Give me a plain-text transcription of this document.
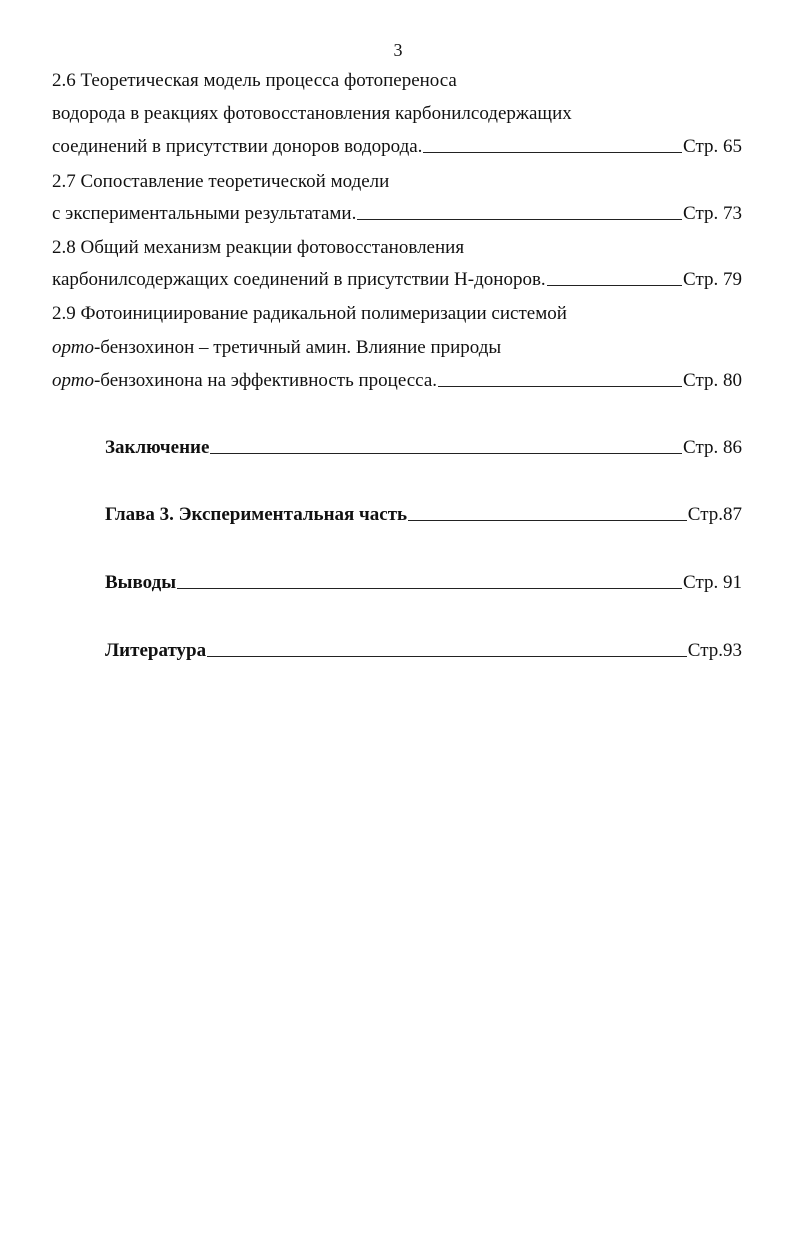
3
2.6 Теоретическая модель процесса фотопереноса
водорода в реакциях фотовосстановления карбонилсодержащих
соединений в присутствии доноров водорода.	Стр. 65
2.7 Сопоставление теоретической модели
с экспериментальными результатами.	Стр. 73
2.8 Общий механизм реакции фотовосстановления
карбонилсодержащих соединений в присутствии Н-доноров.	Стр. 79
2.9 Фотоинициирование радикальной полимеризации системой
орто-бензохинон – третичный амин. Влияние природы
орто-бензохинона на эффективность процесса.	Стр. 80
Заключение	Стр. 86
Глава 3. Экспериментальная часть	Стр.87
Выводы	Стр. 91
Литература	Стр.93
